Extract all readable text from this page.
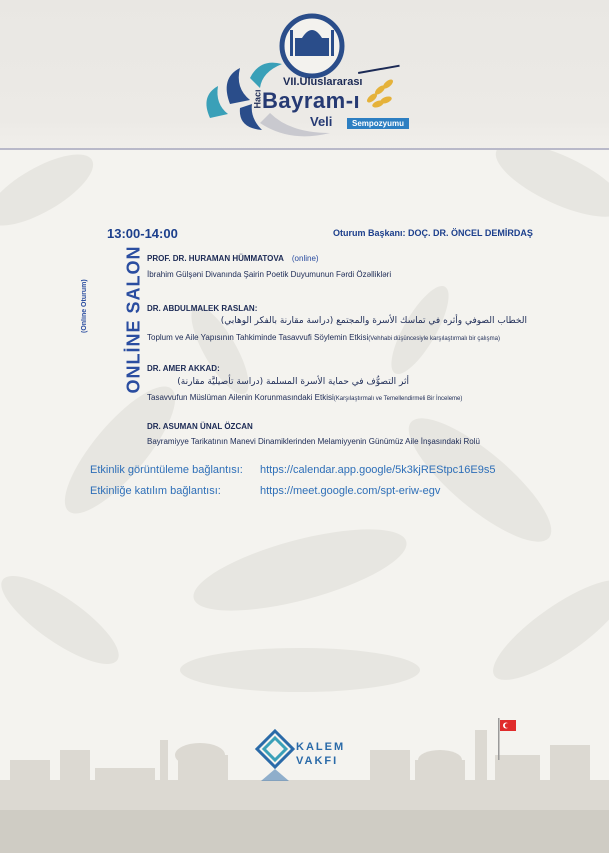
VII.Uluslararası
Hacı Bayram-ı
Veli	Sempozyumu
13:00-14:00	Oturum Başkanı: DOÇ. DR. ÖNCEL DEMİRDAŞ
ONLİNE SALON
(Online Oturum)
PROF. DR. HURAMAN HÜMMATOVA (online)
İbrahim Gülşəni Divanında Şairin Poetik Duyumunun Fərdi Özəllikləri
DR. ABDULMALEK RASLAN:
الخطاب الصوفي وأثره في تماسك الأسرة والمجتمع (دراسة مقارنة بالفكر الوهابي)
Toplum ve Aile Yapısının Tahkiminde Tasavvufi Söylemin Etkisi(Vehhabi düşüncesiyle karşılaştırmalı bir çalışma)
DR. AMER AKKAD:
أثر التصوُّف في حماية الأسرة المسلمة (دراسة تأصيليَّة مقارنة)
Tasavvufun Müslüman Ailenin Korunmasındaki Etkisi(Karşılaştırmalı ve Temellendirmeli Bir İnceleme)
DR. ASUMAN ÜNAL ÖZCAN
Bayramiyye Tarikatının Manevi Dinamiklerinden Melamiyyenin Günümüz Aile İnşasındaki Rolü
Etkinlik görüntüleme bağlantısı: https://calendar.app.google/5k3kjREStpc16E9s5
Etkinliğe katılım bağlantısı:	https://meet.google.com/spt-eriw-egv
KALEM
VAKFI
